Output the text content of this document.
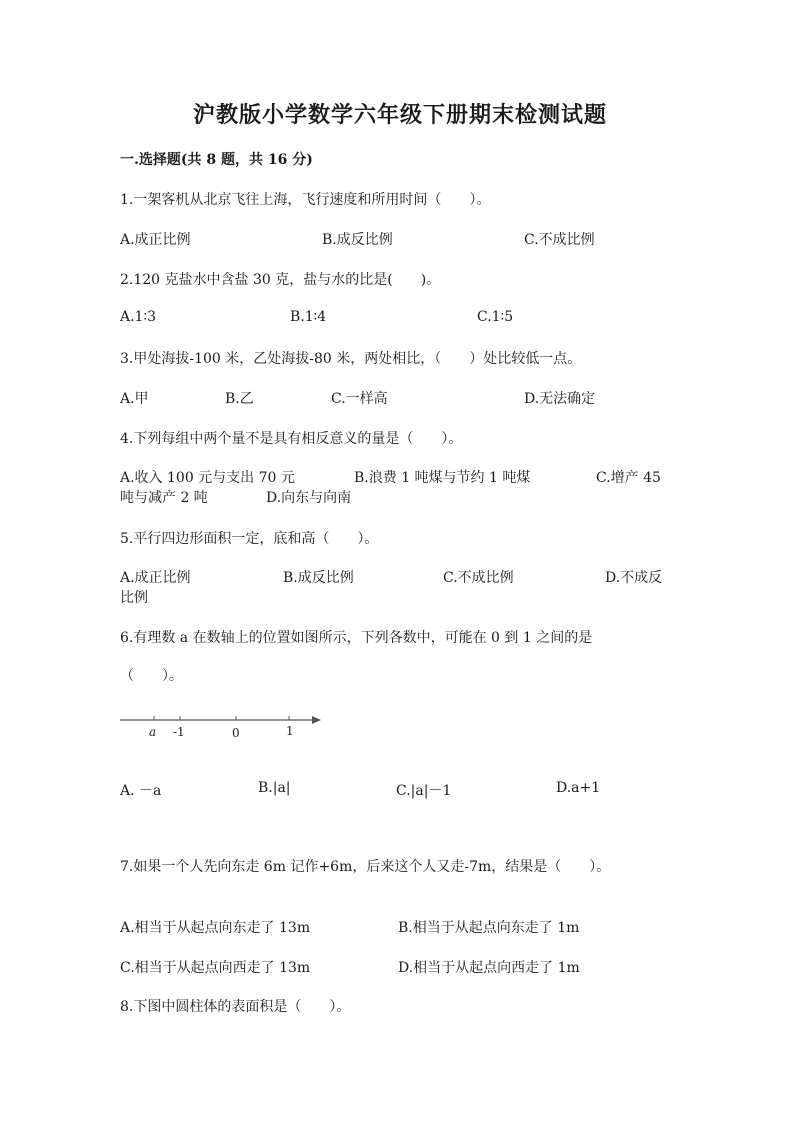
沪教版小学数学六年级下册期末检测试题
一.选择题(共 8 题，共 16 分)
1.一架客机从北京飞往上海，飞行速度和所用时间（　　）。
A.成正比例	B.成反比例	C.不成比例
2.120 克盐水中含盐 30 克，盐与水的比是(　　)。
A.1∶3	B.1∶4	C.1∶5
3.甲处海拔-100 米，乙处海拔-80 米，两处相比，（　　）处比较低一点。
A.甲	B.乙	C.一样高	D.无法确定
4.下列每组中两个量不是具有相反意义的量是（　　）。
A.收入 100 元与支出 70 元	B.浪费 1 吨煤与节约 1 吨煤	C.增产 45
吨与减产 2 吨	D.向东与向南
5.平行四边形面积一定，底和高（　　）。
A.成正比例	B.成反比例	C.不成比例	D.不成反
比例
6.有理数 a 在数轴上的位置如图所示，下列各数中，可能在 0 到 1 之间的是
（　　）。
a -1	0	1
A. －a	B.|a|	C.|a|－1	D.a+1
7.如果一个人先向东走 6m 记作+6m，后来这个人又走-7m，结果是（　　）。
A.相当于从起点向东走了 13m	B.相当于从起点向东走了 1m
C.相当于从起点向西走了 13m	D.相当于从起点向西走了 1m
8.下图中圆柱体的表面积是（　　）。
